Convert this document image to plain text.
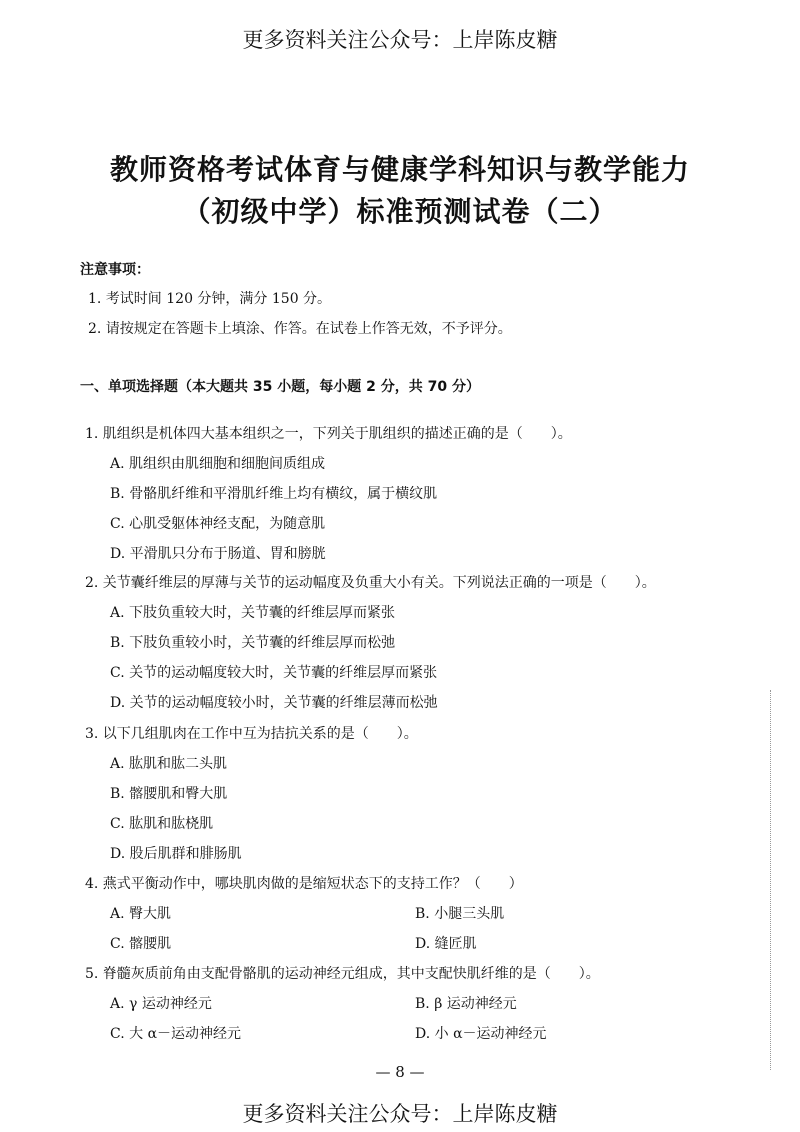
更多资料关注公众号：上岸陈皮糖
教师资格考试体育与健康学科知识与教学能力
（初级中学）标准预测试卷（二）
注意事项：
1. 考试时间 120 分钟，满分 150 分。
2. 请按规定在答题卡上填涂、作答。在试卷上作答无效，不予评分。
一、单项选择题（本大题共 35 小题，每小题 2 分，共 70 分）
1. 肌组织是机体四大基本组织之一，下列关于肌组织的描述正确的是（　　）。
A. 肌组织由肌细胞和细胞间质组成
B. 骨骼肌纤维和平滑肌纤维上均有横纹，属于横纹肌
C. 心肌受躯体神经支配，为随意肌
D. 平滑肌只分布于肠道、胃和膀胱
2. 关节囊纤维层的厚薄与关节的运动幅度及负重大小有关。下列说法正确的一项是（　　）。
A. 下肢负重较大时，关节囊的纤维层厚而紧张
B. 下肢负重较小时，关节囊的纤维层厚而松弛
C. 关节的运动幅度较大时，关节囊的纤维层厚而紧张
D. 关节的运动幅度较小时，关节囊的纤维层薄而松弛
3. 以下几组肌肉在工作中互为拮抗关系的是（　　）。
A. 肱肌和肱二头肌
B. 髂腰肌和臀大肌
C. 肱肌和肱桡肌
D. 股后肌群和腓肠肌
4. 燕式平衡动作中，哪块肌肉做的是缩短状态下的支持工作？（　　）
A. 臀大肌	B. 小腿三头肌
C. 髂腰肌	D. 缝匠肌
5. 脊髓灰质前角由支配骨骼肌的运动神经元组成，其中支配快肌纤维的是（　　）。
A. γ 运动神经元	B. β 运动神经元
C. 大 α－运动神经元	D. 小 α－运动神经元
— 8 —
更多资料关注公众号：上岸陈皮糖
